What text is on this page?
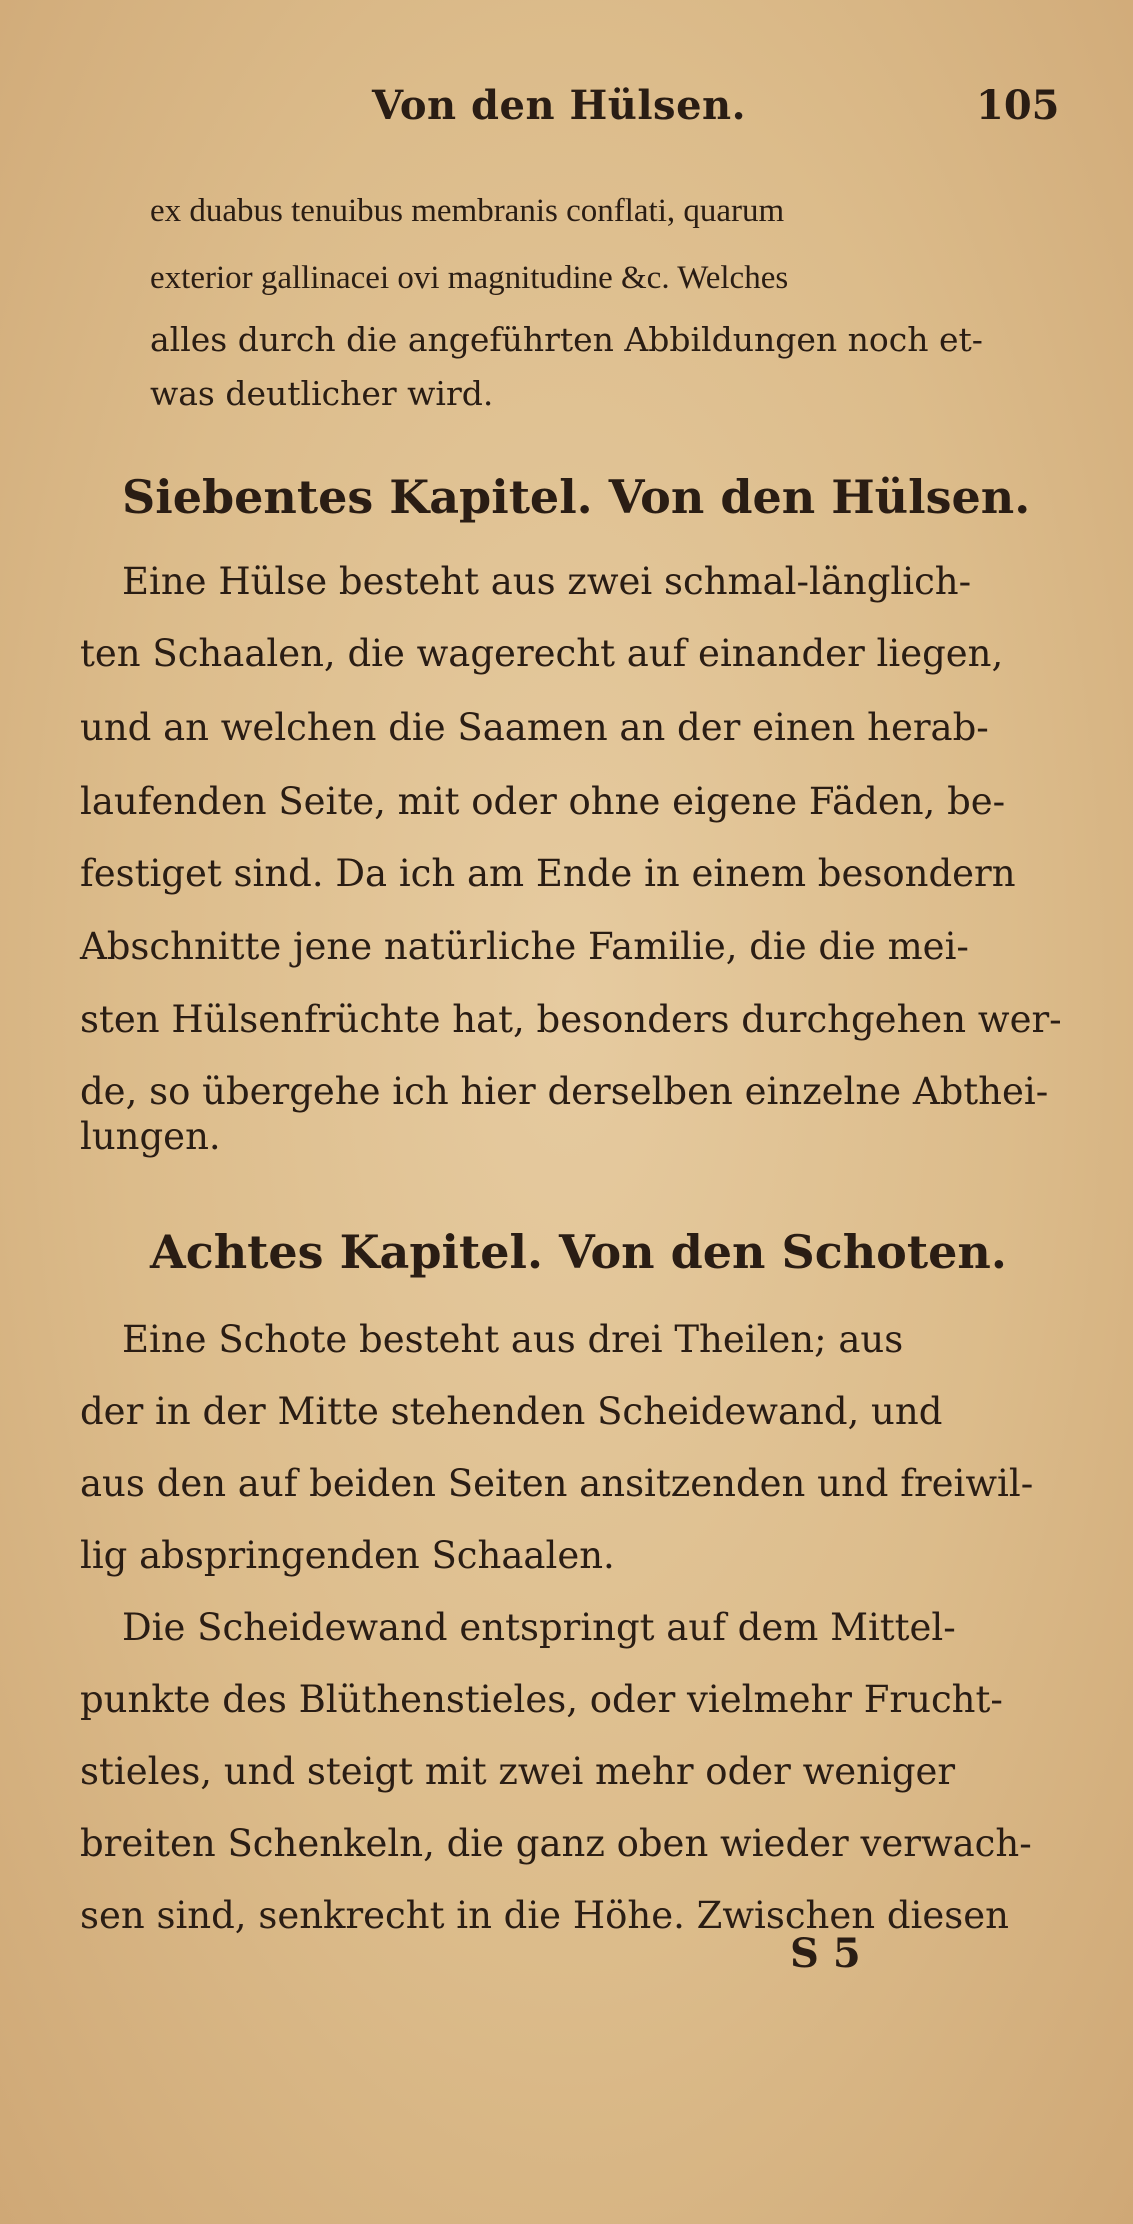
Von den Hülsen.	105
ex duabus tenuibus membranis conflati, quarum
exterior gallinacei ovi magnitudine &c. Welches
alles durch die angeführten Abbildungen noch et-
was deutlicher wird.
Siebentes Kapitel. Von den Hülsen.
Eine Hülse besteht aus zwei schmal-länglich-
ten Schaalen, die wagerecht auf einander liegen,
und an welchen die Saamen an der einen herab-
laufenden Seite, mit oder ohne eigene Fäden, be-
festiget sind. Da ich am Ende in einem besondern
Abschnitte jene natürliche Familie, die die mei-
sten Hülsenfrüchte hat, besonders durchgehen wer-
de, so übergehe ich hier derselben einzelne Abthei-
lungen.
Achtes Kapitel. Von den Schoten.
Eine Schote besteht aus drei Theilen; aus
der in der Mitte stehenden Scheidewand, und
aus den auf beiden Seiten ansitzenden und freiwil-
lig abspringenden Schaalen.
Die Scheidewand entspringt auf dem Mittel-
punkte des Blüthenstieles, oder vielmehr Frucht-
stieles, und steigt mit zwei mehr oder weniger
breiten Schenkeln, die ganz oben wieder verwach-
sen sind, senkrecht in die Höhe. Zwischen diesen
S 5
